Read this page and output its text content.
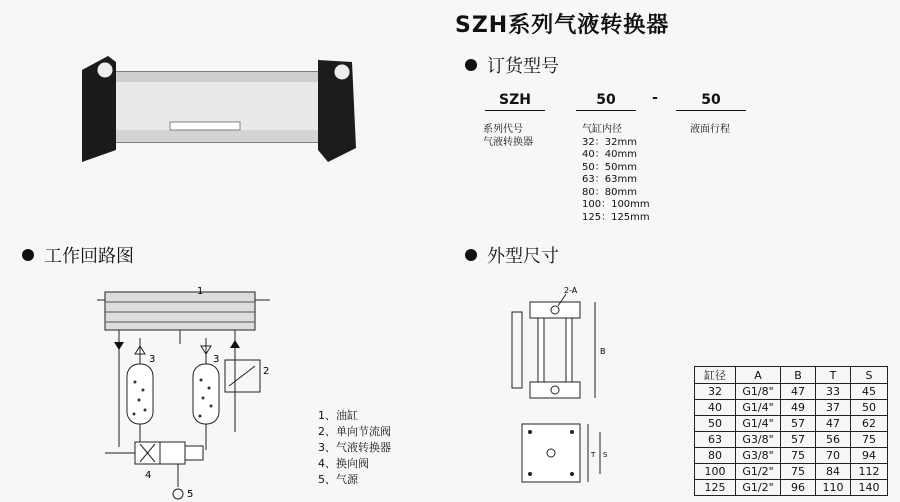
SZH系列气液转换器
订货型号
SZH	50	-	50
系列代号
气液转换器
气缸内径
32：32mm
40：40mm
50：50mm
63：63mm
80：80mm
100：100mm
125：125mm
液面行程
工作回路图
1
2
3	3
4
5
1、油缸
2、单向节流阀
3、气液转换器
4、换向阀
5、气源
外型尺寸
2-A
B
T S
缸径	A	B	T	S
32	G1/8"	47	33	45
40	G1/4"	49	37	50
50	G1/4"	57	47	62
63	G3/8"	57	56	75
80	G3/8"	75	70	94
100	G1/2"	75	84	112
125	G1/2"	96	110	140
